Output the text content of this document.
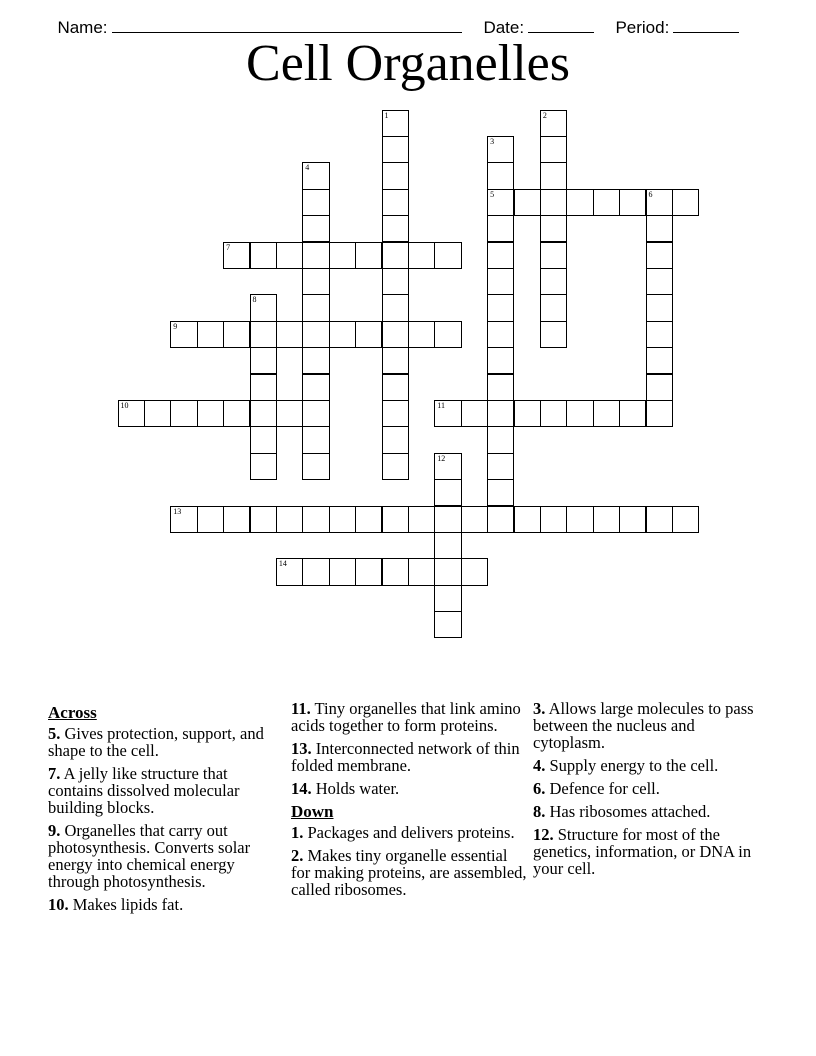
Name:	Date:	Period:

Cell Organelles
1	2
3
5
4
6
7
8
9
10	11
12
13
14
Across
5. Gives protection, support, and shape to the cell.
7. A jelly like structure that contains dissolved molecular building blocks.
9. Organelles that carry out photosynthesis. Converts solar energy into chemical energy through photosynthesis.
10. Makes lipids fat.
11. Tiny organelles that link amino acids together to form proteins.
13. Interconnected network of thin folded membrane.
14. Holds water.
Down
1. Packages and delivers proteins.
2. Makes tiny organelle essential for making proteins, are assembled, called ribosomes.
3. Allows large molecules to pass between the nucleus and cytoplasm.
4. Supply energy to the cell.
6. Defence for cell.
8. Has ribosomes attached.
12. Structure for most of the genetics, information, or DNA in your cell.
